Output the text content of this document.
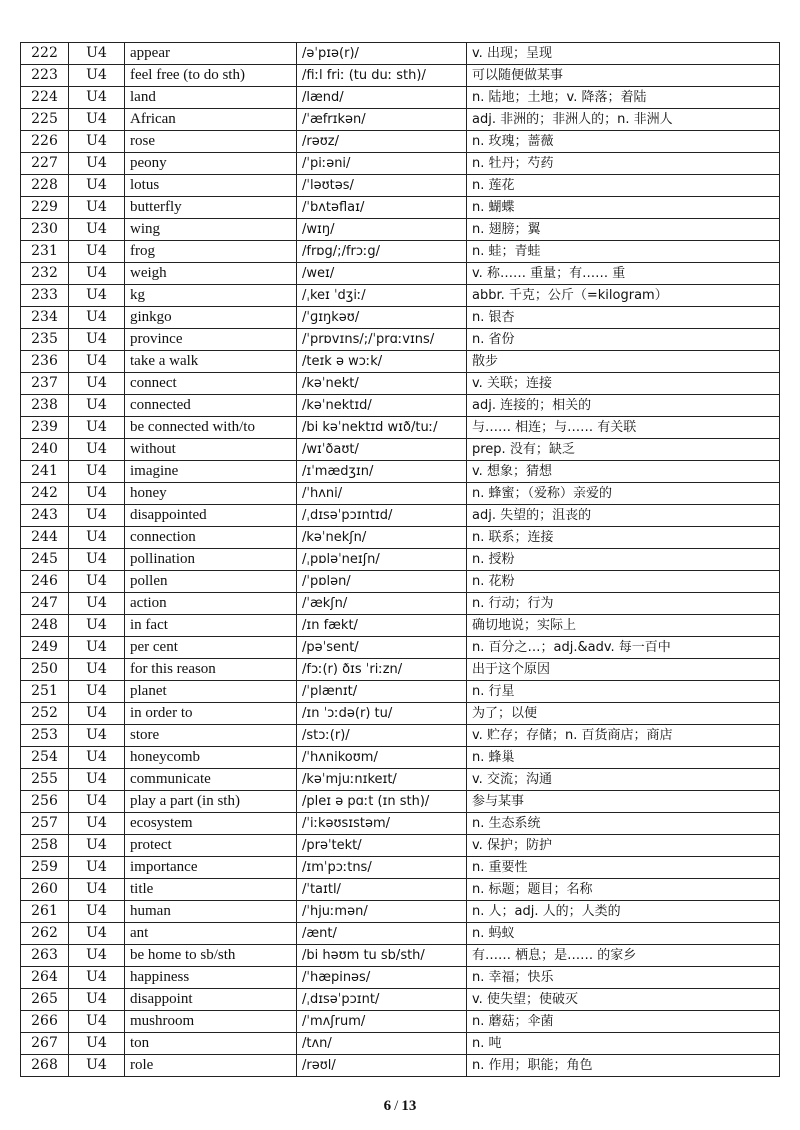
222	U4	appear	/əˈpɪə(r)/	v. 出现；呈现
223	U4	feel free (to do sth)	/fiːl friː (tu duː sth)/	可以随便做某事
224	U4	land	/lænd/	n. 陆地；土地；v. 降落；着陆
225	U4	African	/ˈæfrɪkən/	adj. 非洲的；非洲人的；n. 非洲人
226	U4	rose	/rəʊz/	n. 玫瑰；蔷薇
227	U4	peony	/ˈpiːəni/	n. 牡丹；芍药
228	U4	lotus	/ˈləʊtəs/	n. 莲花
229	U4	butterfly	/ˈbʌtəflaɪ/	n. 蝴蝶
230	U4	wing	/wɪŋ/	n. 翅膀；翼
231	U4	frog	/frɒg/;/frɔːg/	n. 蛙；青蛙
232	U4	weigh	/weɪ/	v. 称…… 重量；有…… 重
233	U4	kg	/ˌkeɪ ˈdʒiː/	abbr. 千克；公斤（=kilogram）
234	U4	ginkgo	/ˈɡɪŋkəʊ/	n. 银杏
235	U4	province	/ˈprɒvɪns/;/ˈprɑːvɪns/	n. 省份
236	U4	take a walk	/teɪk ə wɔːk/	散步
237	U4	connect	/kəˈnekt/	v. 关联；连接
238	U4	connected	/kəˈnektɪd/	adj. 连接的；相关的
239	U4	be connected with/to	/bi kəˈnektɪd wɪð/tuː/	与…… 相连；与…… 有关联
240	U4	without	/wɪˈðaʊt/	prep. 没有；缺乏
241	U4	imagine	/ɪˈmædʒɪn/	v. 想象；猜想
242	U4	honey	/ˈhʌni/	n. 蜂蜜；（爱称）亲爱的
243	U4	disappointed	/ˌdɪsəˈpɔɪntɪd/	adj. 失望的；沮丧的
244	U4	connection	/kəˈnekʃn/	n. 联系；连接
245	U4	pollination	/ˌpɒləˈneɪʃn/	n. 授粉
246	U4	pollen	/ˈpɒlən/	n. 花粉
247	U4	action	/ˈækʃn/	n. 行动；行为
248	U4	in fact	/ɪn fækt/	确切地说；实际上
249	U4	per cent	/pəˈsent/	n. 百分之…；adj.&adv. 每一百中
250	U4	for this reason	/fɔː(r) ðɪs ˈriːzn/	出于这个原因
251	U4	planet	/ˈplænɪt/	n. 行星
252	U4	in order to	/ɪn ˈɔːdə(r) tu/	为了；以便
253	U4	store	/stɔː(r)/	v. 贮存；存储；n. 百货商店；商店
254	U4	honeycomb	/ˈhʌnikoʊm/	n. 蜂巢
255	U4	communicate	/kəˈmjuːnɪkeɪt/	v. 交流；沟通
256	U4	play a part (in sth)	/pleɪ ə pɑːt (ɪn sth)/	参与某事
257	U4	ecosystem	/ˈiːkəʊsɪstəm/	n. 生态系统
258	U4	protect	/prəˈtekt/	v. 保护；防护
259	U4	importance	/ɪmˈpɔːtns/	n. 重要性
260	U4	title	/ˈtaɪtl/	n. 标题；题目；名称
261	U4	human	/ˈhjuːmən/	n. 人；adj. 人的；人类的
262	U4	ant	/ænt/	n. 蚂蚁
263	U4	be home to sb/sth	/bi həʊm tu sb/sth/	有…… 栖息；是…… 的家乡
264	U4	happiness	/ˈhæpinəs/	n. 幸福；快乐
265	U4	disappoint	/ˌdɪsəˈpɔɪnt/	v. 使失望；使破灭
266	U4	mushroom	/ˈmʌʃrum/	n. 蘑菇；伞菌
267	U4	ton	/tʌn/	n. 吨
268	U4	role	/rəʊl/	n. 作用；职能；角色
6 / 13
